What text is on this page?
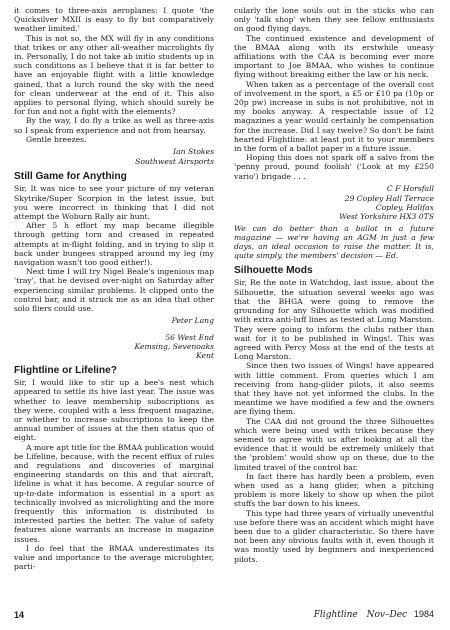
it comes to three-axis aeroplanes: I quote 'the Quicksilver MXII is easy to fly but comparatively weather limited.'

This is not so, the MX will fly in any conditions that trikes or any other all-weather microlights fly in. Personally, I do not take ab initio students up in such conditions as I believe that it is far better to have an enjoyable flight with a little knowledge gained, that a lurch round the sky with the need for clean underwear at the end of it. This also applies to personal flying, which should surely be for fun and not a fight with the elements?

By the way, I do fly a trike as well as three-axis so I speak from experience and not from hearsay.

Gentle breezes.

Ian Stokes
Southwest Airsports
Still Game for Anything

Sir, It was nice to see your picture of my veteran Skytrike/Super Scorpion in the latest issue, but you were incorrect in thinking that I did not attempt the Woburn Rally air hunt.

After 5 h effort my map became illegible through getting torn and creased in repeated attempts at in-flight folding, and in trying to slip it back under bungees strapped around my leg (my navigation wasn't too good either!).

Next time I will try Nigel Beale's ingenious map 'tray', that he devised over-night on Saturday after experiencing similar problems. It clipped onto the control bar, and it struck me as an idea that other solo fliers could use.

Peter Lang
56 West End
Kemsing, Sevenoaks
Kent
Flightline or Lifeline?

Sir, I would like to stir up a bee's nest which appeared to settle its hive last year. The issue was whether to leave membership subscriptions as they were, coupled with a less frequent magazine, or whether to increase subscriptions to keep the annual number of issues at the then status quo of eight.

A more apt title for the BMAA publication would be Lifeline, because, with the recent efflux of rules and regulations and discoveries of marginal engineering standards on this and that aircraft, lifeline is what it has become. A regular source of up-to-date information is essential in a sport as technically involved as microlighting and the more frequently this information is distributed to interested parties the better. The value of safety features alone warrants an increase in magazine issues.

I do feel that the BMAA underestimates its value and importance to the average microlighter, parti-

cularly the lone souls out in the sticks who can only 'talk shop' when they see fellow enthusiasts on good flying days.

The continued existence and development of the BMAA along with its erstwhile uneasy affiliations with the CAA is becoming ever more important to Joe BMAA, who wishes to continue flying without breaking either the law or his neck.

When taken as a percentage of the overall cost of involvement in the sport, a £5 or £10 pa (10p or 20p pw) increase in subs is not prohibitive, not in my books anyway. A respectable issue of 12 magazines a year would certainly be compensation for the increase. Did I say twelve? So don't be faint hearted Flightline: at least put it to your members in the form of a ballot paper in a future issue.

Hoping this does not spark off a salvo from the 'penny proud, pound foolish' ('Look at my £250 vario') brigade . . .

C F Horsfall
29 Copley Hall Terrace
Copley, Halifax
West Yorkshire HX3 0TS
We can do better than a ballot in a future magazine — we're having an AGM in just a few days, an ideal occasion to raise the matter. It is, quite simply, the members' decision — Ed.
Silhouette Mods

Sir, Re the note in Watchdog, last issue, about the Silhouette, the situation several weeks ago was that the BHGA were going to remove the grounding for any Silhouette which was modified with extra anti-luff lines as tested at Long Marston. They were going to inform the clubs rather than wait for it to be published in Wings!. This was agreed with Percy Moss at the end of the tests at Long Marston.

Since then two issues of Wings! have appeared with little comment. From queries which I am receiving from hang-glider pilots, it also seems that they have not yet informed the clubs. In the meantime we have modified a few and the owners are flying them.

The CAA did not ground the three Silhouettes which were being used with trikes because they seemed to agree with us after looking at all the evidence that it would be extremely unlikely that the 'problem' would show up on these, due to the limited travel of the control bar.

In fact there has hardly been a problem, even when used as a hang glider, when a pitching problem is more likely to show up when the pilot stuffs the bar down to his knees.

This type had three years of virtually uneventful use before there was an accident which might have been due to a glider characteristic. So there have not been any obvious faults with it, even though it was mostly used by beginners and inexperienced pilots.

14	Flightline Nov–Dec 1984
